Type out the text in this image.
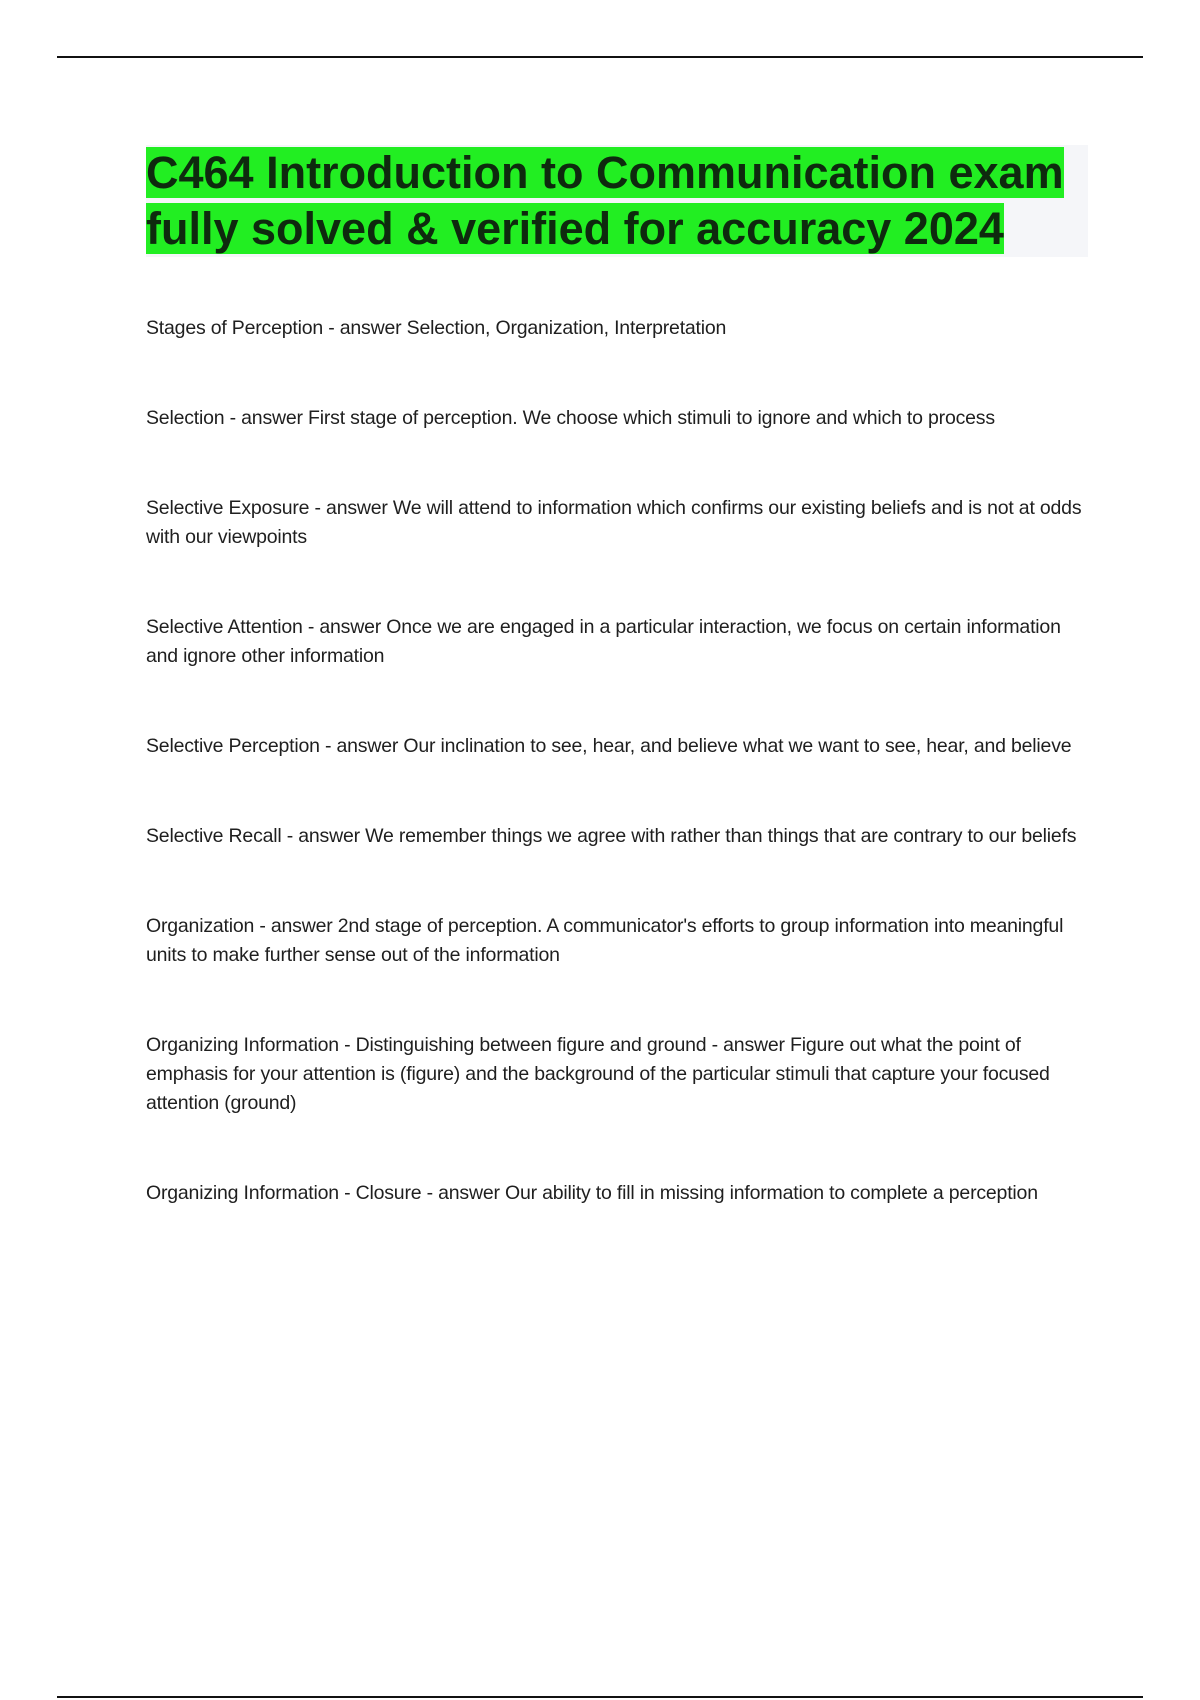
C464 Introduction to Communication exam fully solved & verified for accuracy 2024

Stages of Perception - answer Selection, Organization, Interpretation

Selection - answer First stage of perception. We choose which stimuli to ignore and which to process

Selective Exposure - answer We will attend to information which confirms our existing beliefs and is not at odds with our viewpoints

Selective Attention - answer Once we are engaged in a particular interaction, we focus on certain information and ignore other information

Selective Perception - answer Our inclination to see, hear, and believe what we want to see, hear, and believe

Selective Recall - answer We remember things we agree with rather than things that are contrary to our beliefs

Organization - answer 2nd stage of perception. A communicator's efforts to group information into meaningful units to make further sense out of the information

Organizing Information - Distinguishing between figure and ground - answer Figure out what the point of emphasis for your attention is (figure) and the background of the particular stimuli that capture your focused attention (ground)

Organizing Information - Closure - answer Our ability to fill in missing information to complete a perception
